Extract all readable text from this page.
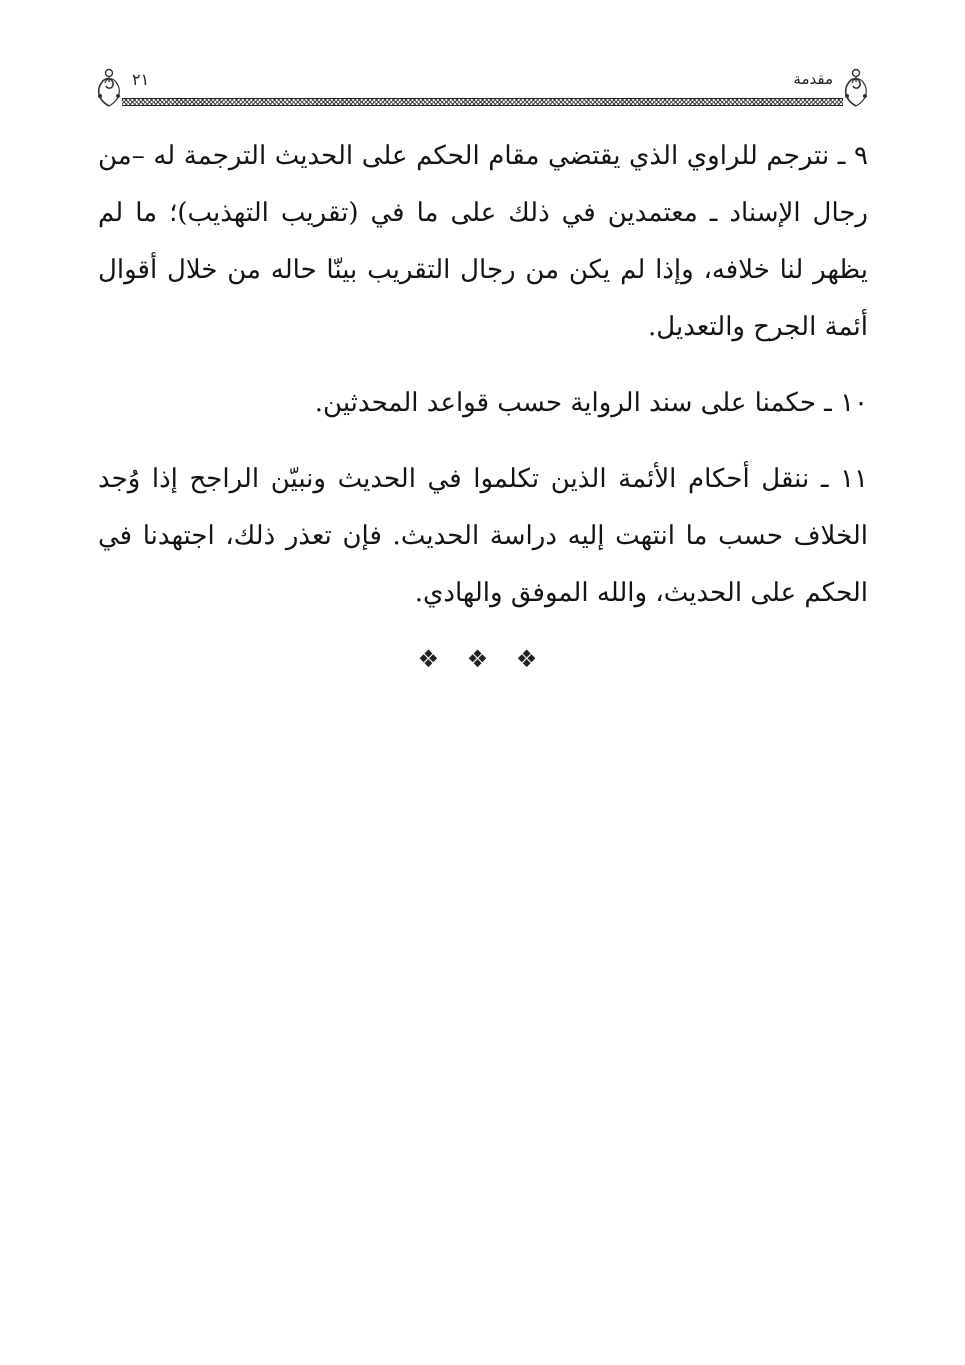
مقدمة
٢١

٩ ـ نترجم للراوي الذي يقتضي مقام الحكم على الحديث الترجمة له –من رجال الإسناد ـ معتمدين في ذلك على ما في (تقريب التهذيب)؛ ما لم يظهر لنا خلافه، وإذا لم يكن من رجال التقريب بينّا حاله من خلال أقوال أئمة الجرح والتعديل.

١٠ ـ حكمنا على سند الرواية حسب قواعد المحدثين.

١١ ـ ننقل أحكام الأئمة الذين تكلموا في الحديث ونبيّن الراجح إذا وُجد الخلاف حسب ما انتهت إليه دراسة الحديث. فإن تعذر ذلك، اجتهدنا في الحكم على الحديث، والله الموفق والهادي.

❖ ❖ ❖
